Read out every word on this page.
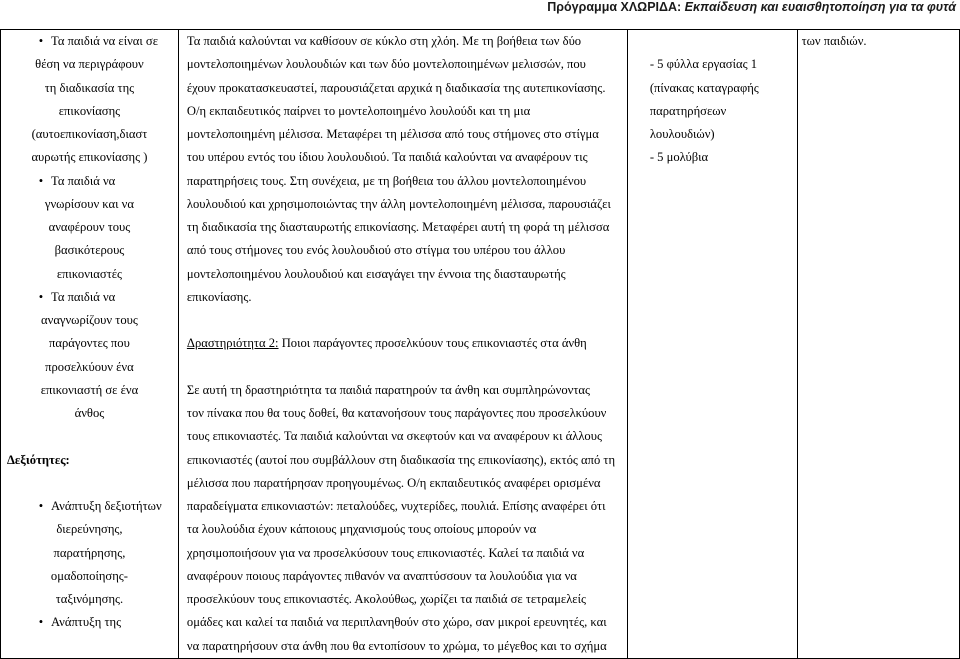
Πρόγραμμα ΧΛΩΡΙΔΑ: Εκπαίδευση και ευαισθητοποίηση για τα φυτά
• Τα παιδιά να είναι σε
θέση να περιγράφουν
τη διαδικασία της
επικονίασης
(αυτοεπικονίαση,διαστ
αυρωτής επικονίασης )
• Τα παιδιά να
γνωρίσουν και να
αναφέρουν τους
βασικότερους
επικονιαστές
• Τα παιδιά να
αναγνωρίζουν τους
παράγοντες που
προσελκύουν ένα
επικονιαστή σε ένα
άνθος
Δεξιότητες:
• Ανάπτυξη δεξιοτήτων
διερεύνησης,
παρατήρησης,
ομαδοποίησης-
ταξινόμησης.
• Ανάπτυξη της

Τα παιδιά καλούνται να καθίσουν σε κύκλο στη χλόη. Με τη βοήθεια των δύο
μοντελοποιημένων λουλουδιών και των δύο μοντελοποιημένων μελισσών, που
έχουν προκατασκευαστεί, παρουσιάζεται αρχικά η διαδικασία της αυτεπικονίασης.
Ο/η εκπαιδευτικός παίρνει το μοντελοποιημένο λουλούδι και τη μια
μοντελοποιημένη μέλισσα. Μεταφέρει τη μέλισσα από τους στήμονες στο στίγμα
του υπέρου εντός του ίδιου λουλουδιού. Τα παιδιά καλούνται να αναφέρουν τις
παρατηρήσεις τους. Στη συνέχεια, με τη βοήθεια του άλλου μοντελοποιημένου
λουλουδιού και χρησιμοποιώντας την άλλη μοντελοποιημένη μέλισσα, παρουσιάζει
τη διαδικασία της διασταυρωτής επικονίασης. Μεταφέρει αυτή τη φορά τη μέλισσα
από τους στήμονες του ενός λουλουδιού στο στίγμα του υπέρου του άλλου
μοντελοποιημένου λουλουδιού και εισαγάγει την έννοια της διασταυρωτής
επικονίασης.
Δραστηριότητα 2: Ποιοι παράγοντες προσελκύουν τους επικονιαστές στα άνθη
Σε αυτή τη δραστηριότητα τα παιδιά παρατηρούν τα άνθη και συμπληρώνοντας
τον πίνακα που θα τους δοθεί, θα κατανοήσουν τους παράγοντες που προσελκύουν
τους επικονιαστές. Τα παιδιά καλούνται να σκεφτούν και να αναφέρουν κι άλλους
επικονιαστές (αυτοί που συμβάλλουν στη διαδικασία της επικονίασης), εκτός από τη
μέλισσα που παρατήρησαν προηγουμένως. Ο/η εκπαιδευτικός αναφέρει ορισμένα
παραδείγματα επικονιαστών: πεταλούδες, νυχτερίδες, πουλιά. Επίσης αναφέρει ότι
τα λουλούδια έχουν κάποιους μηχανισμούς τους οποίους μπορούν να
χρησιμοποιήσουν για να προσελκύσουν τους επικονιαστές. Καλεί τα παιδιά να
αναφέρουν ποιους παράγοντες πιθανόν να αναπτύσσουν τα λουλούδια για να
προσελκύουν τους επικονιαστές. Ακολούθως, χωρίζει τα παιδιά σε τετραμελείς
ομάδες και καλεί τα παιδιά να περιπλανηθούν στο χώρο, σαν μικροί ερευνητές, και
να παρατηρήσουν στα άνθη που θα εντοπίσουν το χρώμα, το μέγεθος και το σχήμα

- 5 φύλλα εργασίας 1
(πίνακας καταγραφής
παρατηρήσεων
λουλουδιών)
- 5 μολύβια

των παιδιών.
